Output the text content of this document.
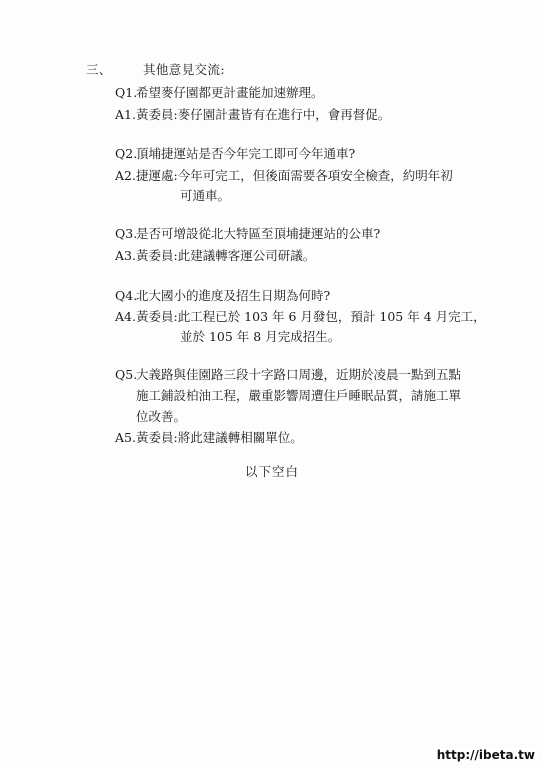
三、 其他意見交流:
Q1.
希望麥仔園都更計畫能加速辦理。
A1. 黃委員:麥仔園計畫皆有在進行中，會再督促。
Q2.
頂埔捷運站是否今年完工即可今年通車?
A2. 捷運處:今年可完工，但後面需要各項安全檢查，約明年初
可通車。
Q3.
是否可增設從北大特區至頂埔捷運站的公車?
A3. 黃委員:此建議轉客運公司研議。
Q4.
北大國小的進度及招生日期為何時?
A4. 黃委員:此工程已於 103 年 6 月發包，預計 105 年 4 月完工，
並於 105 年 8 月完成招生。
Q5.
大義路與佳園路三段十字路口周邊，近期於凌晨一點到五點
施工鋪設柏油工程，嚴重影響周遭住戶睡眠品質，請施工單
位改善。
A5. 黃委員:將此建議轉相關單位。
以下空白
http://ibeta.tw
